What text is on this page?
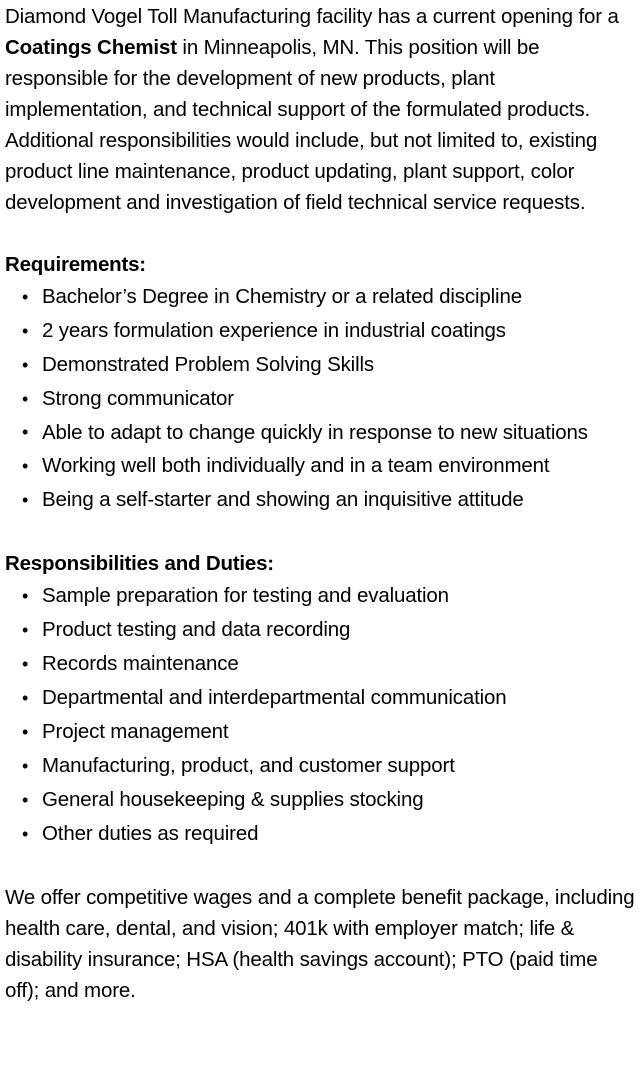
Diamond Vogel Toll Manufacturing facility has a current opening for a Coatings Chemist in Minneapolis, MN. This position will be responsible for the development of new products, plant implementation, and technical support of the formulated products. Additional responsibilities would include, but not limited to, existing product line maintenance, product updating, plant support, color development and investigation of field technical service requests.

Requirements:

• Bachelor’s Degree in Chemistry or a related discipline
• 2 years formulation experience in industrial coatings
• Demonstrated Problem Solving Skills
• Strong communicator
• Able to adapt to change quickly in response to new situations
• Working well both individually and in a team environment
• Being a self-starter and showing an inquisitive attitude

Responsibilities and Duties:

• Sample preparation for testing and evaluation
• Product testing and data recording
• Records maintenance
• Departmental and interdepartmental communication
• Project management
• Manufacturing, product, and customer support
• General housekeeping & supplies stocking
• Other duties as required

We offer competitive wages and a complete benefit package, including health care, dental, and vision; 401k with employer match; life & disability insurance; HSA (health savings account); PTO (paid time off); and more.
